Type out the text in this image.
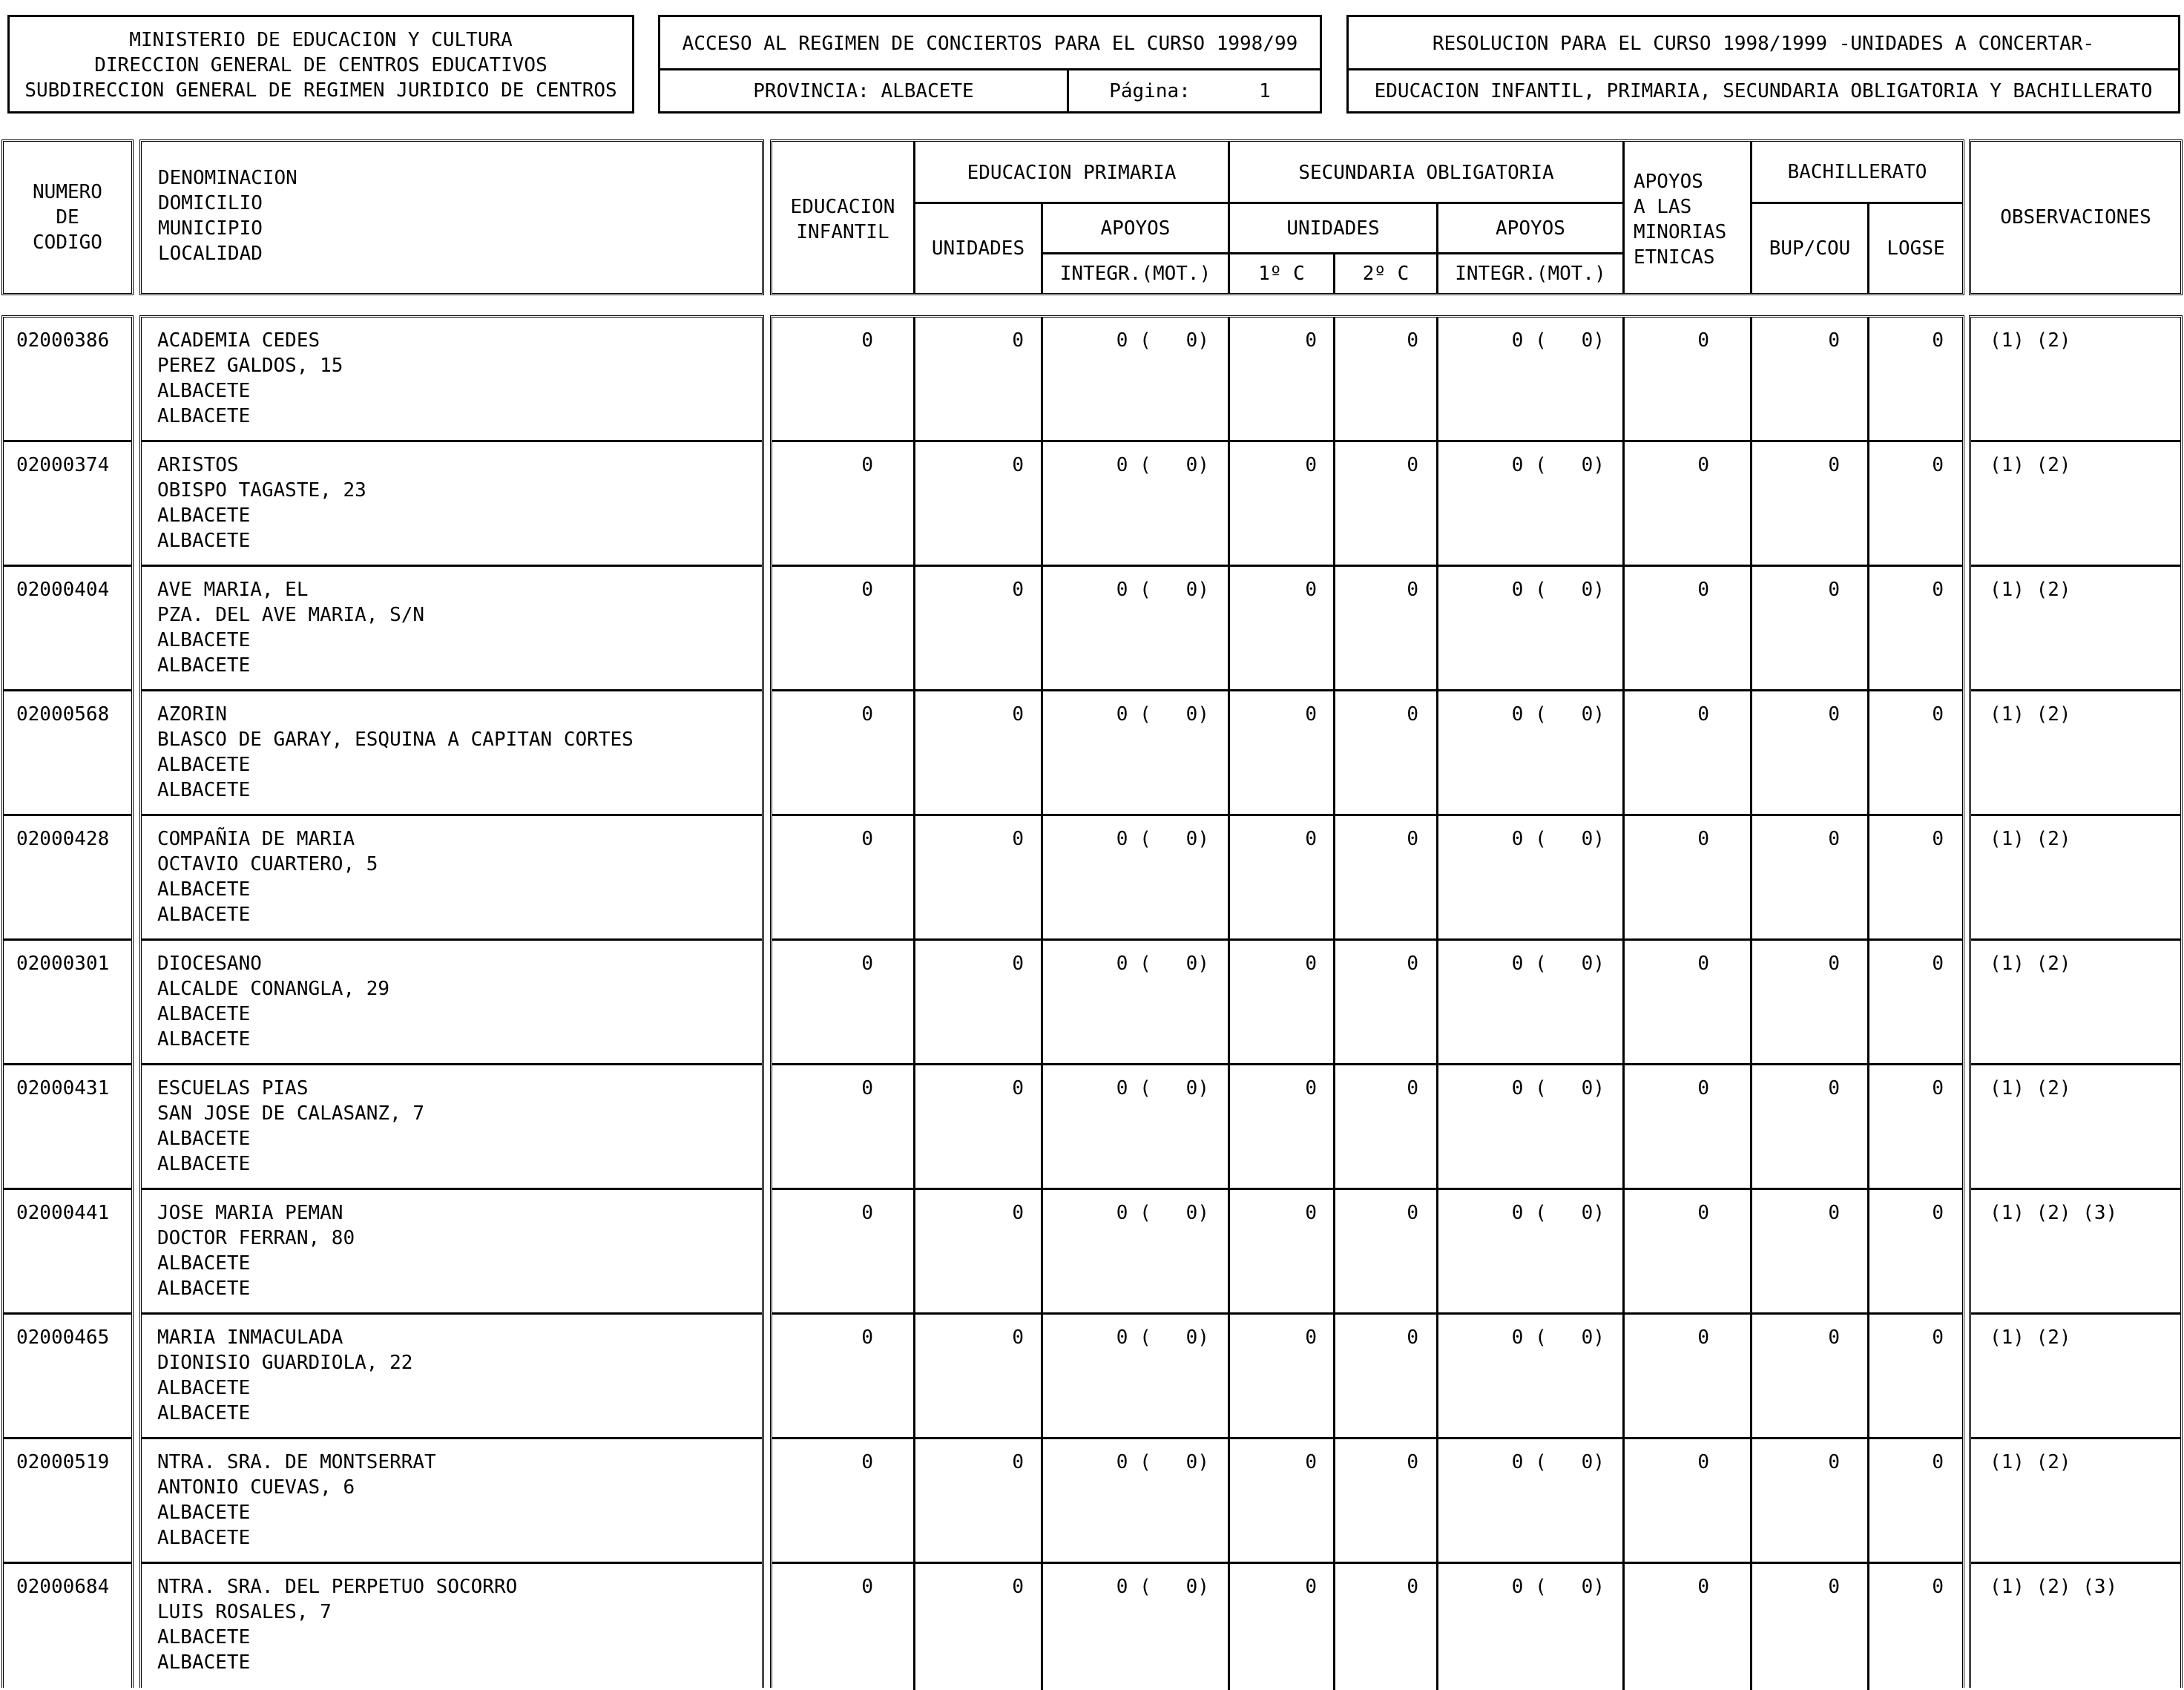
MINISTERIO DE EDUCACION Y CULTURA
DIRECCION GENERAL DE CENTROS EDUCATIVOS
SUBDIRECCION GENERAL DE REGIMEN JURIDICO DE CENTROS
ACCESO AL REGIMEN DE CONCIERTOS PARA EL CURSO 1998/99
PROVINCIA: ALBACETE	Página:	1
RESOLUCION PARA EL CURSO 1998/1999 -UNIDADES A CONCERTAR-
EDUCACION INFANTIL, PRIMARIA, SECUNDARIA OBLIGATORIA Y BACHILLERATO
NUMERO
DE
CODIGO
DENOMINACION
DOMICILIO
MUNICIPIO
LOCALIDAD
EDUCACION
INFANTIL
EDUCACION PRIMARIA
UNIDADES
APOYOS
INTEGR.(MOT.)
SECUNDARIA OBLIGATORIA
UNIDADES
1º C	2º C
APOYOS
INTEGR.(MOT.)
APOYOS
A LAS
MINORIAS
ETNICAS
BACHILLERATO
BUP/COU	LOGSE
OBSERVACIONES
02000386 ACADEMIA CEDES
PEREZ GALDOS, 15
ALBACETE
ALBACETE
0	0	0 (   0)	0	0	0 (   0)	0	0	0 (1) (2)
02000374 ARISTOS
OBISPO TAGASTE, 23
ALBACETE
ALBACETE
0	0	0 (   0)	0	0	0 (   0)	0	0	0 (1) (2)
02000404 AVE MARIA, EL
PZA. DEL AVE MARIA, S/N
ALBACETE
ALBACETE
0	0	0 (   0)	0	0	0 (   0)	0	0	0 (1) (2)
02000568 AZORIN
BLASCO DE GARAY, ESQUINA A CAPITAN CORTES
ALBACETE
ALBACETE
0	0	0 (   0)	0	0	0 (   0)	0	0	0 (1) (2)
02000428 COMPAÑIA DE MARIA
OCTAVIO CUARTERO, 5
ALBACETE
ALBACETE
0	0	0 (   0)	0	0	0 (   0)	0	0	0 (1) (2)
02000301 DIOCESANO
ALCALDE CONANGLA, 29
ALBACETE
ALBACETE
0	0	0 (   0)	0	0	0 (   0)	0	0	0 (1) (2)
02000431 ESCUELAS PIAS
SAN JOSE DE CALASANZ, 7
ALBACETE
ALBACETE
0	0	0 (   0)	0	0	0 (   0)	0	0	0 (1) (2)
02000441 JOSE MARIA PEMAN
DOCTOR FERRAN, 80
ALBACETE
ALBACETE
0	0	0 (   0)	0	0	0 (   0)	0	0	0 (1) (2) (3)
02000465 MARIA INMACULADA
DIONISIO GUARDIOLA, 22
ALBACETE
ALBACETE
0	0	0 (   0)	0	0	0 (   0)	0	0	0 (1) (2)
02000519 NTRA. SRA. DE MONTSERRAT
ANTONIO CUEVAS, 6
ALBACETE
ALBACETE
0	0	0 (   0)	0	0	0 (   0)	0	0	0 (1) (2)
02000684 NTRA. SRA. DEL PERPETUO SOCORRO
LUIS ROSALES, 7
ALBACETE
ALBACETE
0	0	0 (   0)	0	0	0 (   0)	0	0	0 (1) (2) (3)
